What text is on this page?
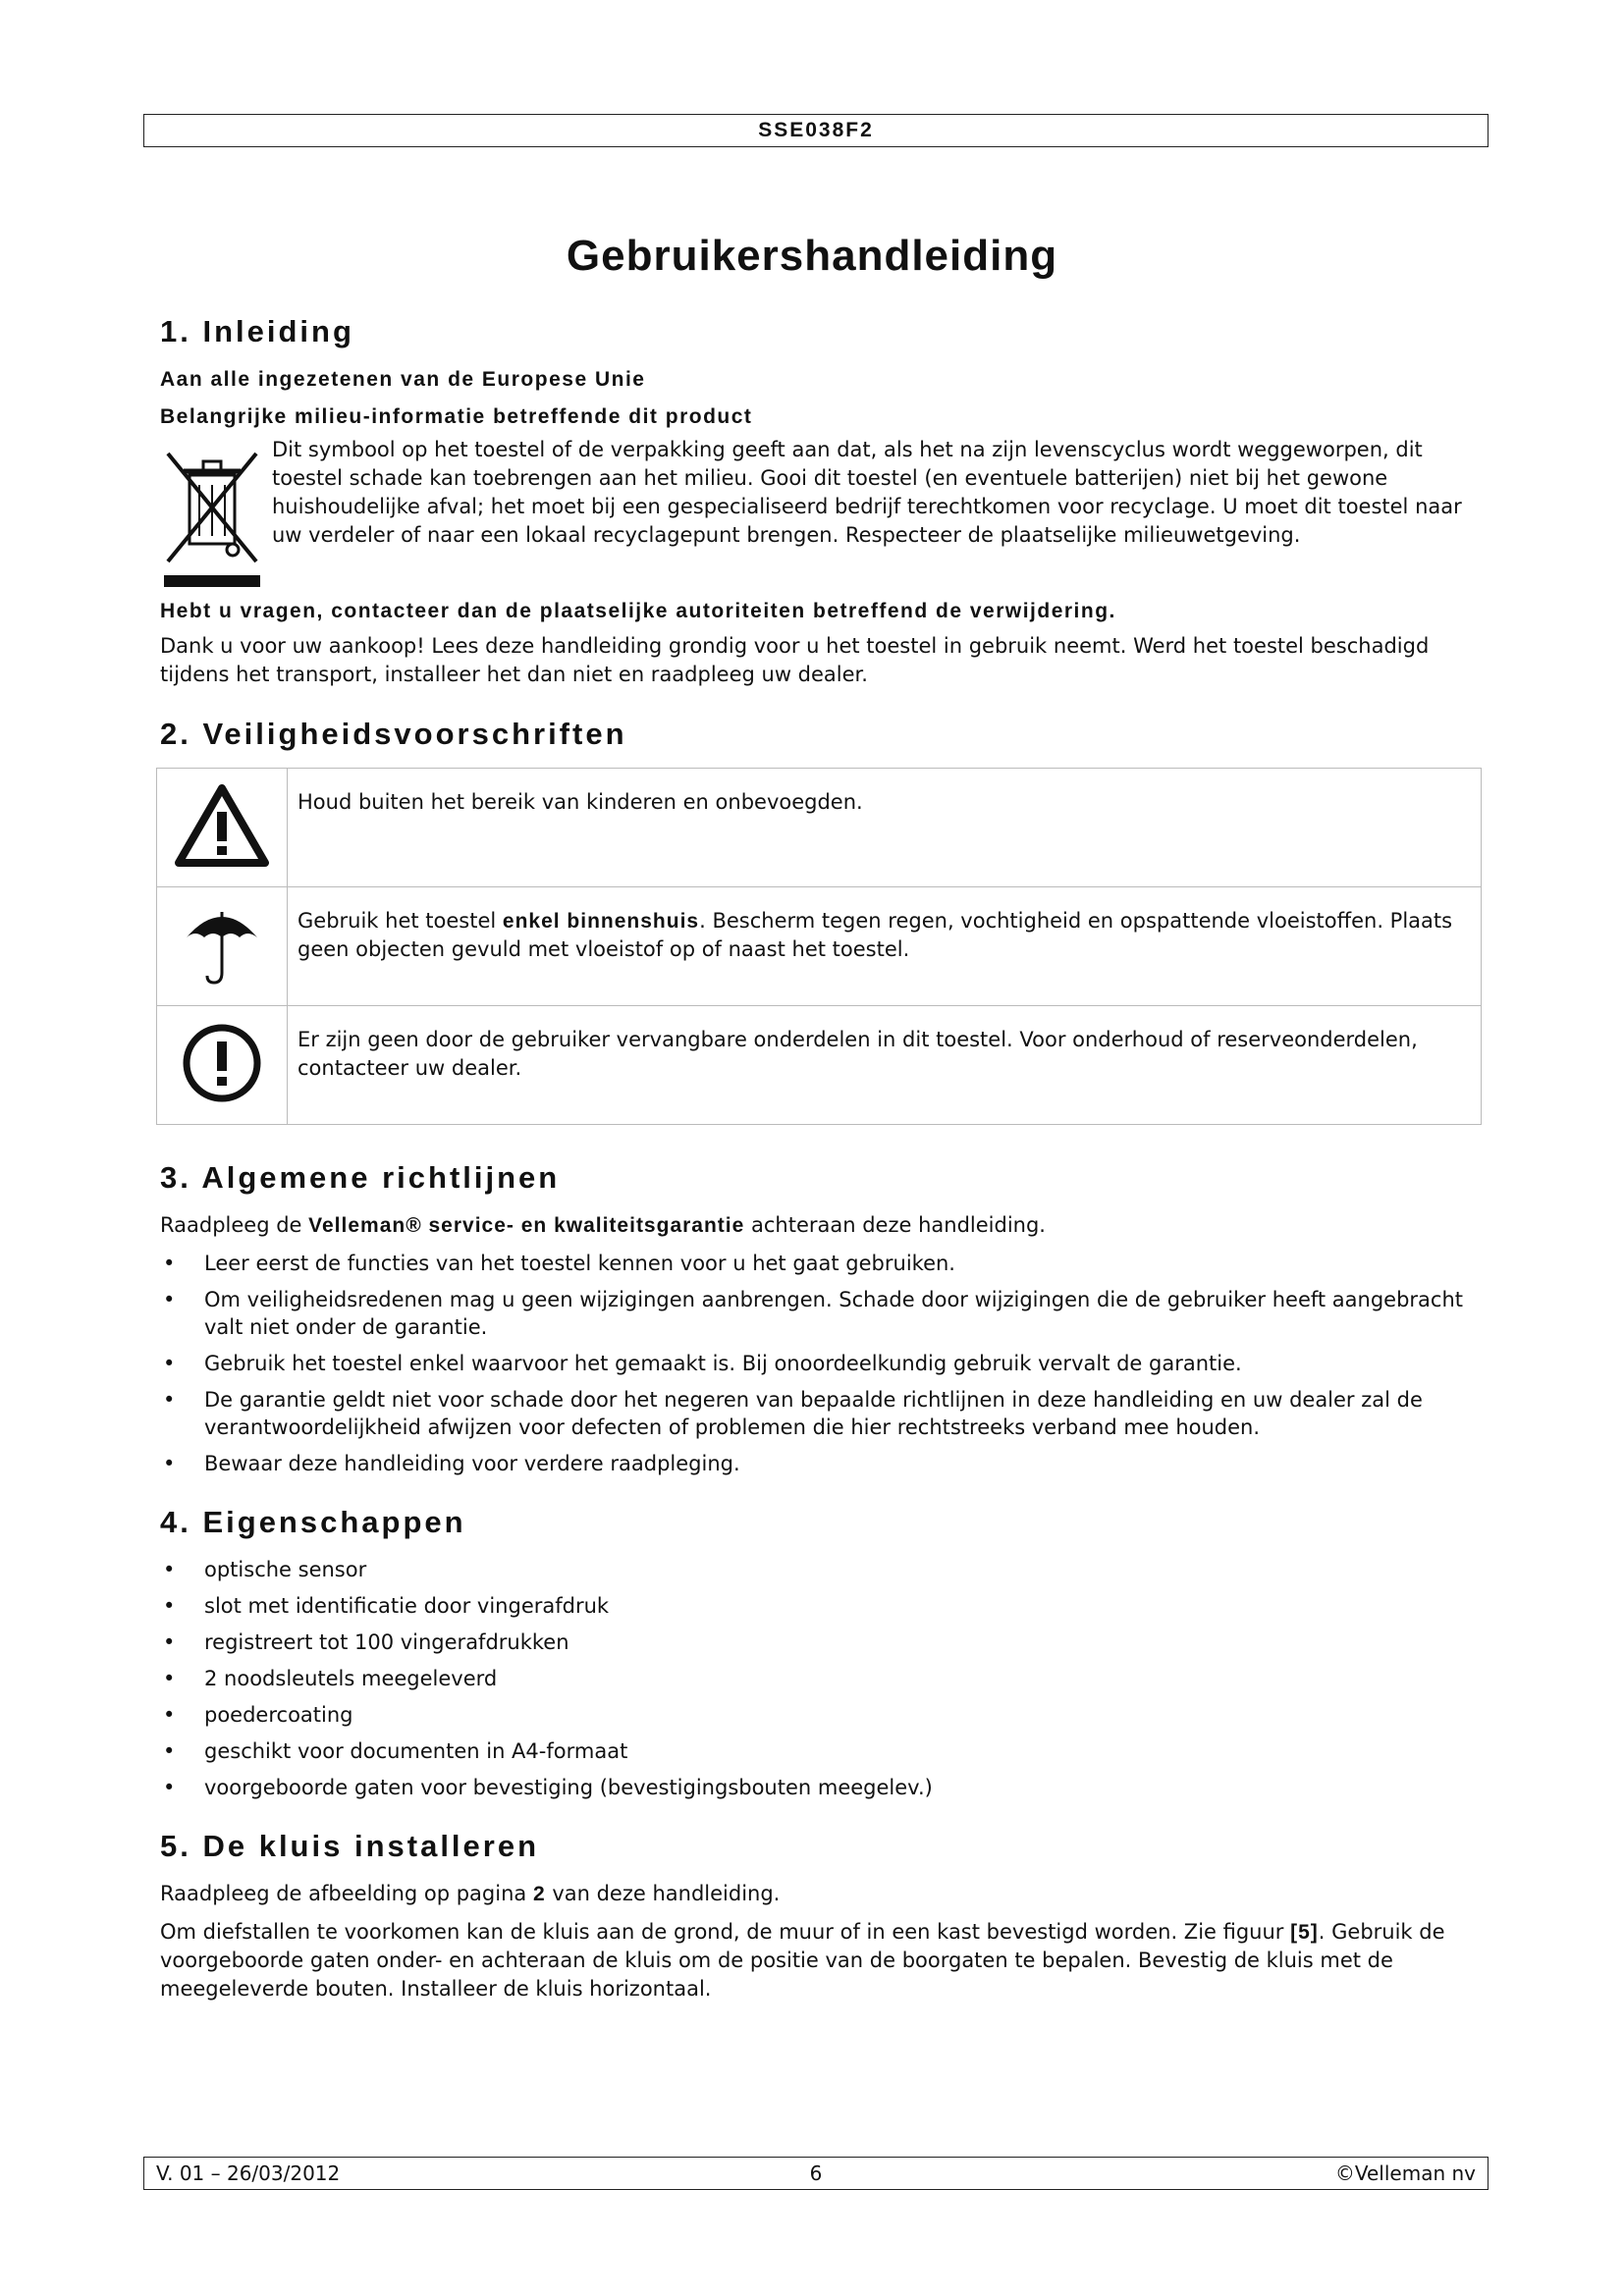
SSE038F2
Gebruikershandleiding
1. Inleiding
Aan alle ingezetenen van de Europese Unie
Belangrijke milieu-informatie betreffende dit product
Dit symbool op het toestel of de verpakking geeft aan dat, als het na zijn levenscyclus wordt weggeworpen, dit toestel schade kan toebrengen aan het milieu. Gooi dit toestel (en eventuele batterijen) niet bij het gewone huishoudelijke afval; het moet bij een gespecialiseerd bedrijf terechtkomen voor recyclage. U moet dit toestel naar uw verdeler of naar een lokaal recyclagepunt brengen. Respecteer de plaatselijke milieuwetgeving.
Hebt u vragen, contacteer dan de plaatselijke autoriteiten betreffend de verwijdering.

Dank u voor uw aankoop! Lees deze handleiding grondig voor u het toestel in gebruik neemt. Werd het toestel beschadigd tijdens het transport, installeer het dan niet en raadpleeg uw dealer.

2. Veiligheidsvoorschriften
	Houd buiten het bereik van kinderen en onbevoegden.
	Gebruik het toestel enkel binnenshuis. Bescherm tegen regen, vochtigheid en opspattende vloeistoffen. Plaats geen objecten gevuld met vloeistof op of naast het toestel.
	Er zijn geen door de gebruiker vervangbare onderdelen in dit toestel. Voor onderhoud of reserveonderdelen, contacteer uw dealer.
3. Algemene richtlijnen

Raadpleeg de Velleman® service- en kwaliteitsgarantie achteraan deze handleiding.

• Leer eerst de functies van het toestel kennen voor u het gaat gebruiken.
• Om veiligheidsredenen mag u geen wijzigingen aanbrengen. Schade door wijzigingen die de gebruiker heeft aangebracht valt niet onder de garantie.
• Gebruik het toestel enkel waarvoor het gemaakt is. Bij onoordeelkundig gebruik vervalt de garantie.
• De garantie geldt niet voor schade door het negeren van bepaalde richtlijnen in deze handleiding en uw dealer zal de verantwoordelijkheid afwijzen voor defecten of problemen die hier rechtstreeks verband mee houden.
• Bewaar deze handleiding voor verdere raadpleging.
4. Eigenschappen
• optische sensor
• slot met identificatie door vingerafdruk
• registreert tot 100 vingerafdrukken
• 2 noodsleutels meegeleverd
• poedercoating
• geschikt voor documenten in A4-formaat
• voorgeboorde gaten voor bevestiging (bevestigingsbouten meegelev.)
5. De kluis installeren

Raadpleeg de afbeelding op pagina 2 van deze handleiding.

Om diefstallen te voorkomen kan de kluis aan de grond, de muur of in een kast bevestigd worden. Zie figuur [5]. Gebruik de voorgeboorde gaten onder- en achteraan de kluis om de positie van de boorgaten te bepalen. Bevestig de kluis met de meegeleverde bouten. Installeer de kluis horizontaal.

V. 01 – 26/03/2012	6	©Velleman nv
